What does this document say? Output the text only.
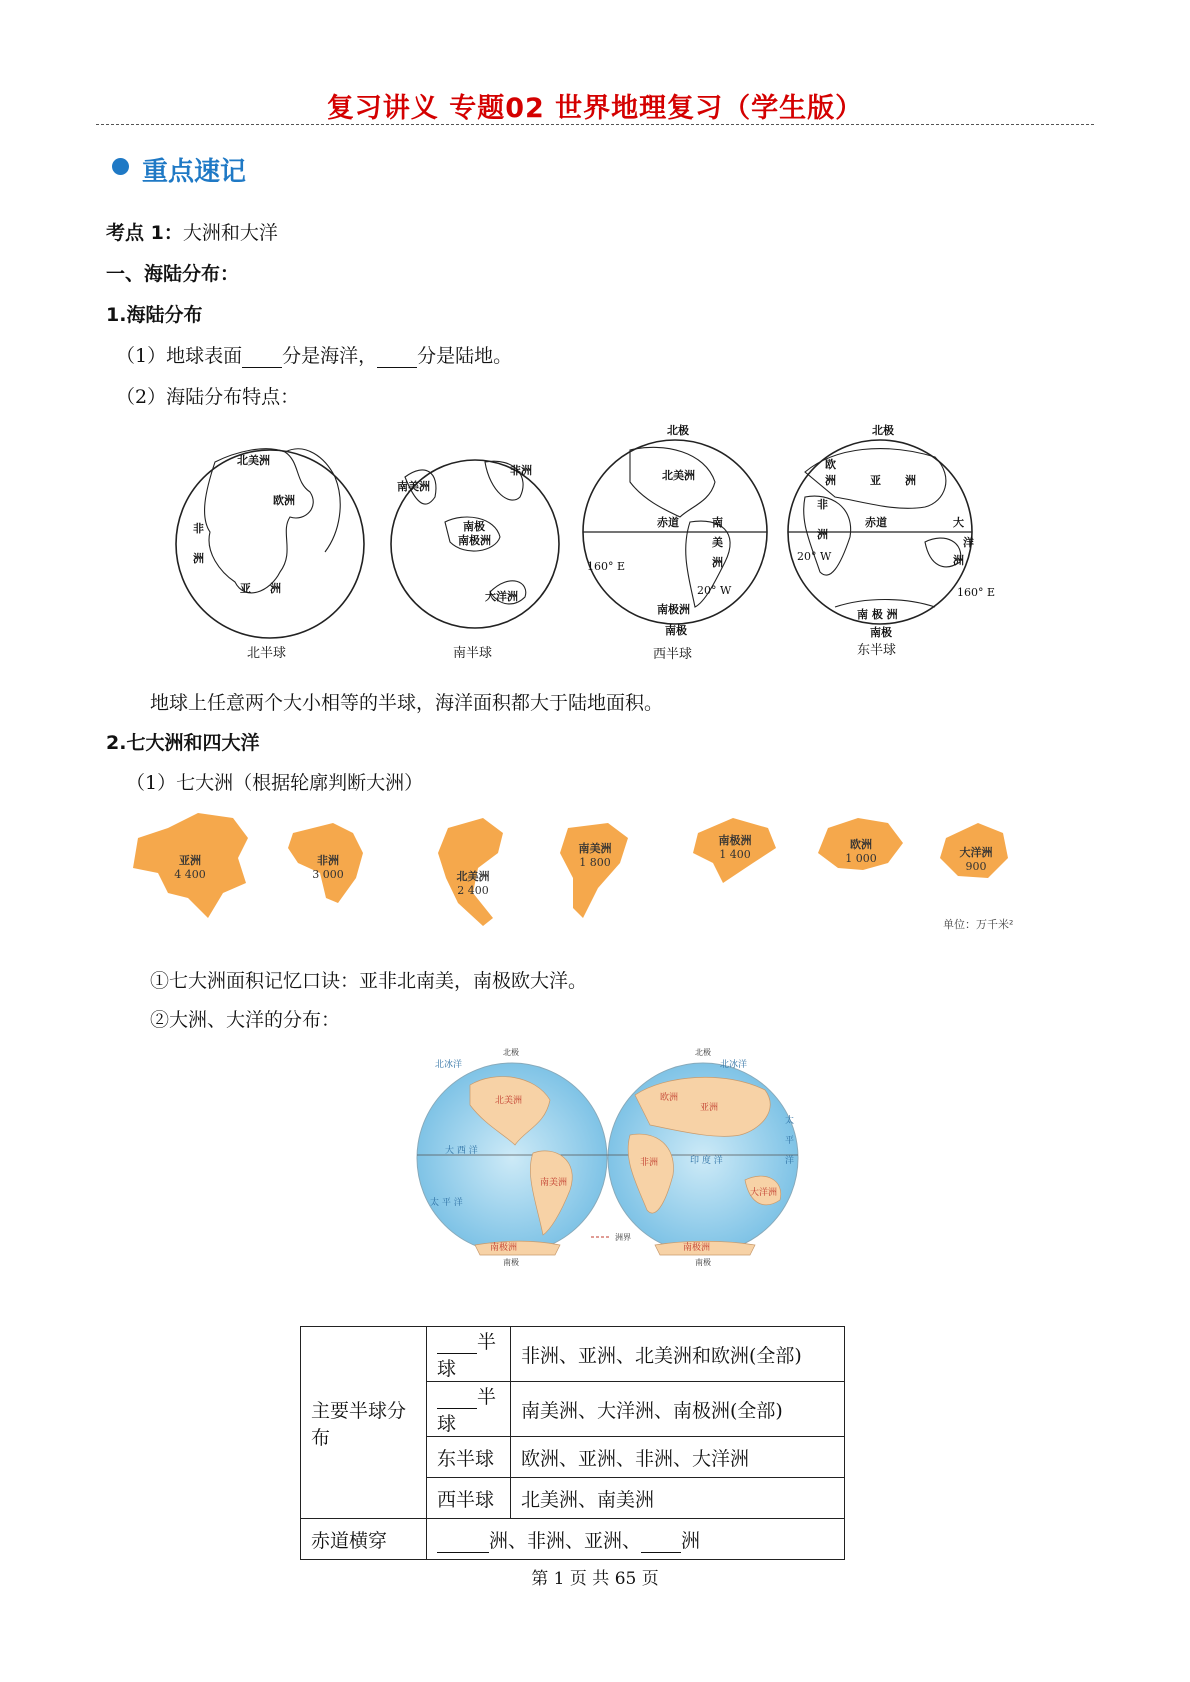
复习讲义 专题02 世界地理复习（学生版）
重点速记
考点 1：大洲和大洋
一、海陆分布：
1.海陆分布
（1）地球表面 分是海洋， 分是陆地。
（2）海陆分布特点：
北美洲
欧洲
非
洲
亚 洲
北半球
非洲
南美洲
南极
南极洲
大洋洲
南半球
北极
北美洲
赤道	南
美
洲
160° E
20° W
南极洲
南极
西半球
北极
欧
洲	亚 洲
非
洲
赤道	大
洋
洲
20° W
160° E
南 极 洲
南极
东半球
地球上任意两个大小相等的半球，海洋面积都大于陆地面积。
2.七大洲和四大洋
（1）七大洲（根据轮廓判断大洲）
亚洲
4 400
非洲
3 000	北美洲
2 400
南美洲
1 800
南极洲
1 400
欧洲
1 000	大洋洲
900
单位：万千米²
①七大洲面积记忆口诀：亚非北南美，南极欧大洋。
②大洲、大洋的分布：
北极	北极
北冰洋
北美洲
大 西 洋
南美洲
太 平 洋
南极洲
北冰洋
欧洲
亚洲
非洲	印 度 洋
大洋洲
太
平
洋
南极洲
南极	南极
洲界
主要半球分布	半球	非洲、亚洲、北美洲和欧洲(全部)
	半球	南美洲、大洋洲、南极洲(全部)
	东半球	欧洲、亚洲、非洲、大洋洲
	西半球	北美洲、南美洲
赤道横穿	洲、非洲、亚洲、 洲	
第 1 页 共 65 页
